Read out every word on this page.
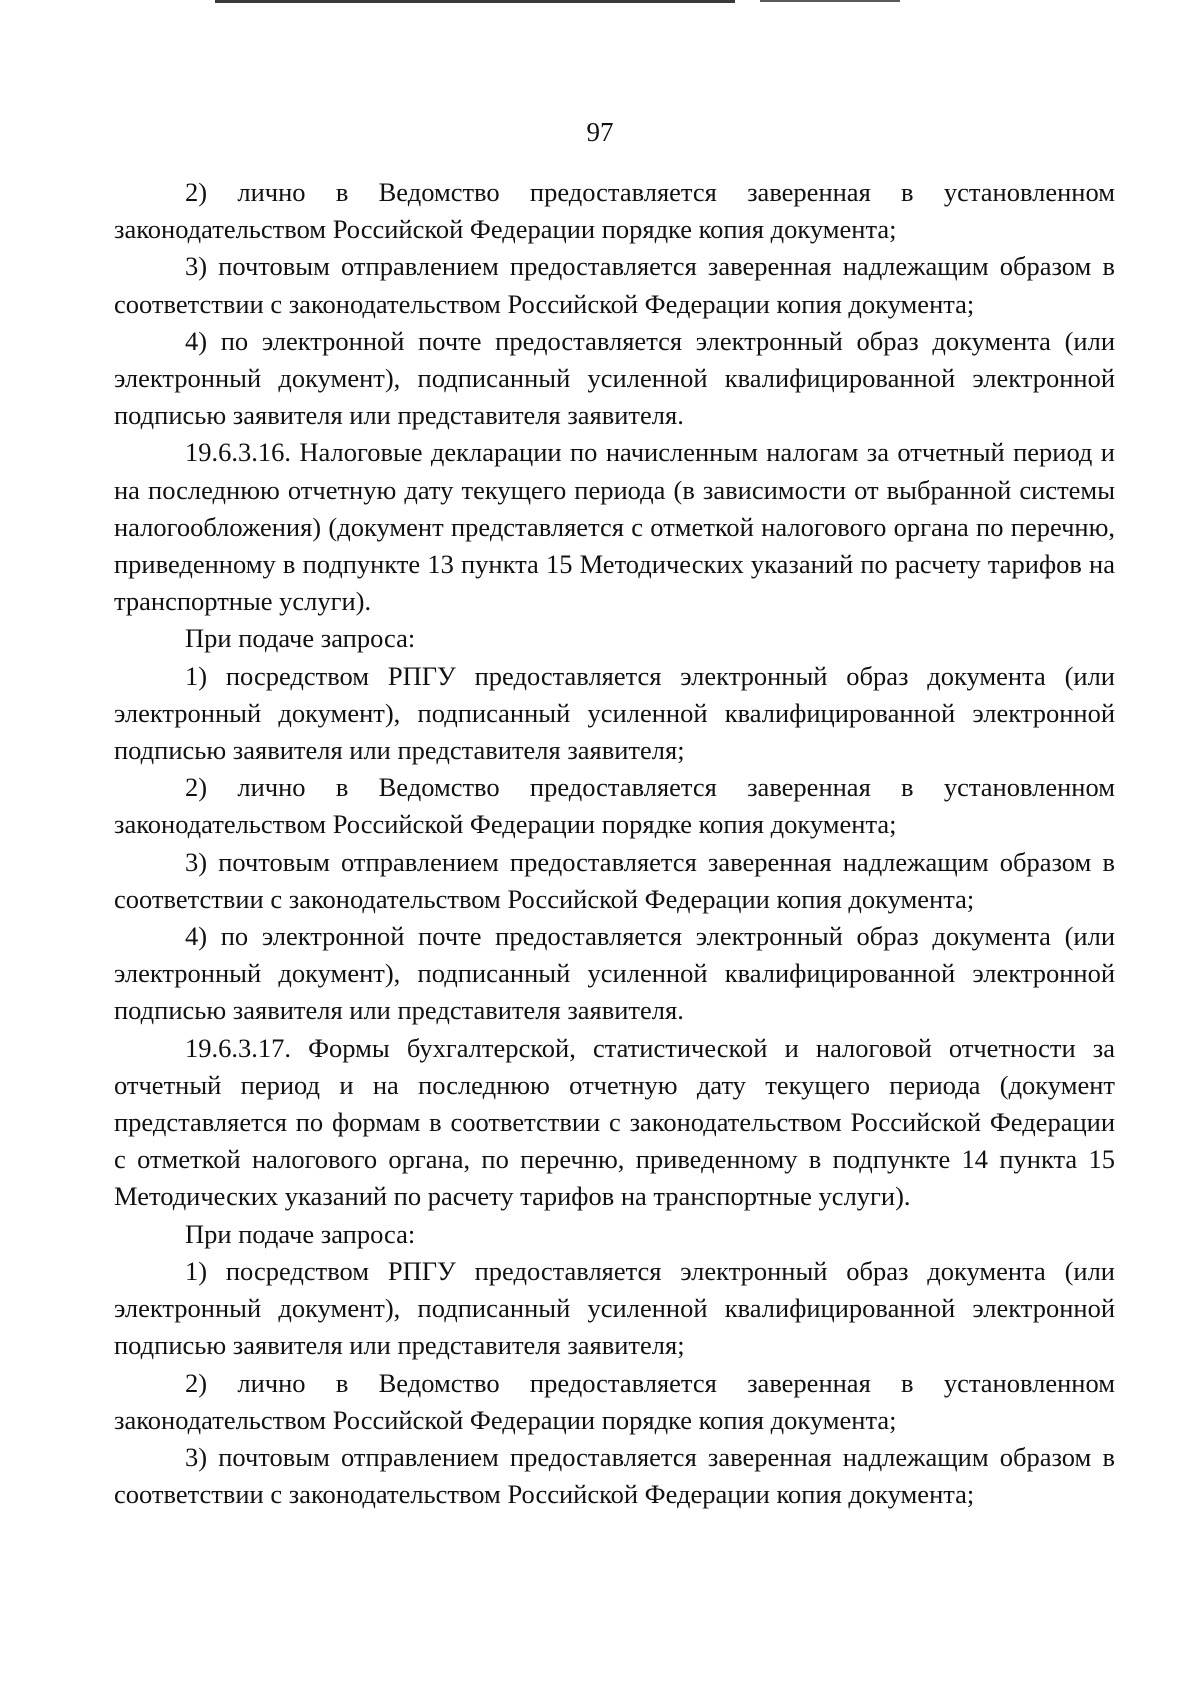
97

2) лично в Ведомство предоставляется заверенная в установленном законодательством Российской Федерации порядке копия документа;

3) почтовым отправлением предоставляется заверенная надлежащим образом в соответствии с законодательством Российской Федерации копия документа;

4) по электронной почте предоставляется электронный образ документа (или электронный документ), подписанный усиленной квалифицированной электронной подписью заявителя или представителя заявителя.

19.6.3.16. Налоговые декларации по начисленным налогам за отчетный период и на последнюю отчетную дату текущего периода (в зависимости от выбранной системы налогообложения) (документ представляется с отметкой налогового органа по перечню, приведенному в подпункте 13 пункта 15 Методических указаний по расчету тарифов на транспортные услуги).

При подаче запроса:

1) посредством РПГУ предоставляется электронный образ документа (или электронный документ), подписанный усиленной квалифицированной электронной подписью заявителя или представителя заявителя;

2) лично в Ведомство предоставляется заверенная в установленном законодательством Российской Федерации порядке копия документа;

3) почтовым отправлением предоставляется заверенная надлежащим образом в соответствии с законодательством Российской Федерации копия документа;

4) по электронной почте предоставляется электронный образ документа (или электронный документ), подписанный усиленной квалифицированной электронной подписью заявителя или представителя заявителя.

19.6.3.17. Формы бухгалтерской, статистической и налоговой отчетности за отчетный период и на последнюю отчетную дату текущего периода (документ представляется по формам в соответствии с законодательством Российской Федерации с отметкой налогового органа, по перечню, приведенному в подпункте 14 пункта 15 Методических указаний по расчету тарифов на транспортные услуги).

При подаче запроса:

1) посредством РПГУ предоставляется электронный образ документа (или электронный документ), подписанный усиленной квалифицированной электронной подписью заявителя или представителя заявителя;

2) лично в Ведомство предоставляется заверенная в установленном законодательством Российской Федерации порядке копия документа;

3) почтовым отправлением предоставляется заверенная надлежащим образом в соответствии с законодательством Российской Федерации копия документа;
